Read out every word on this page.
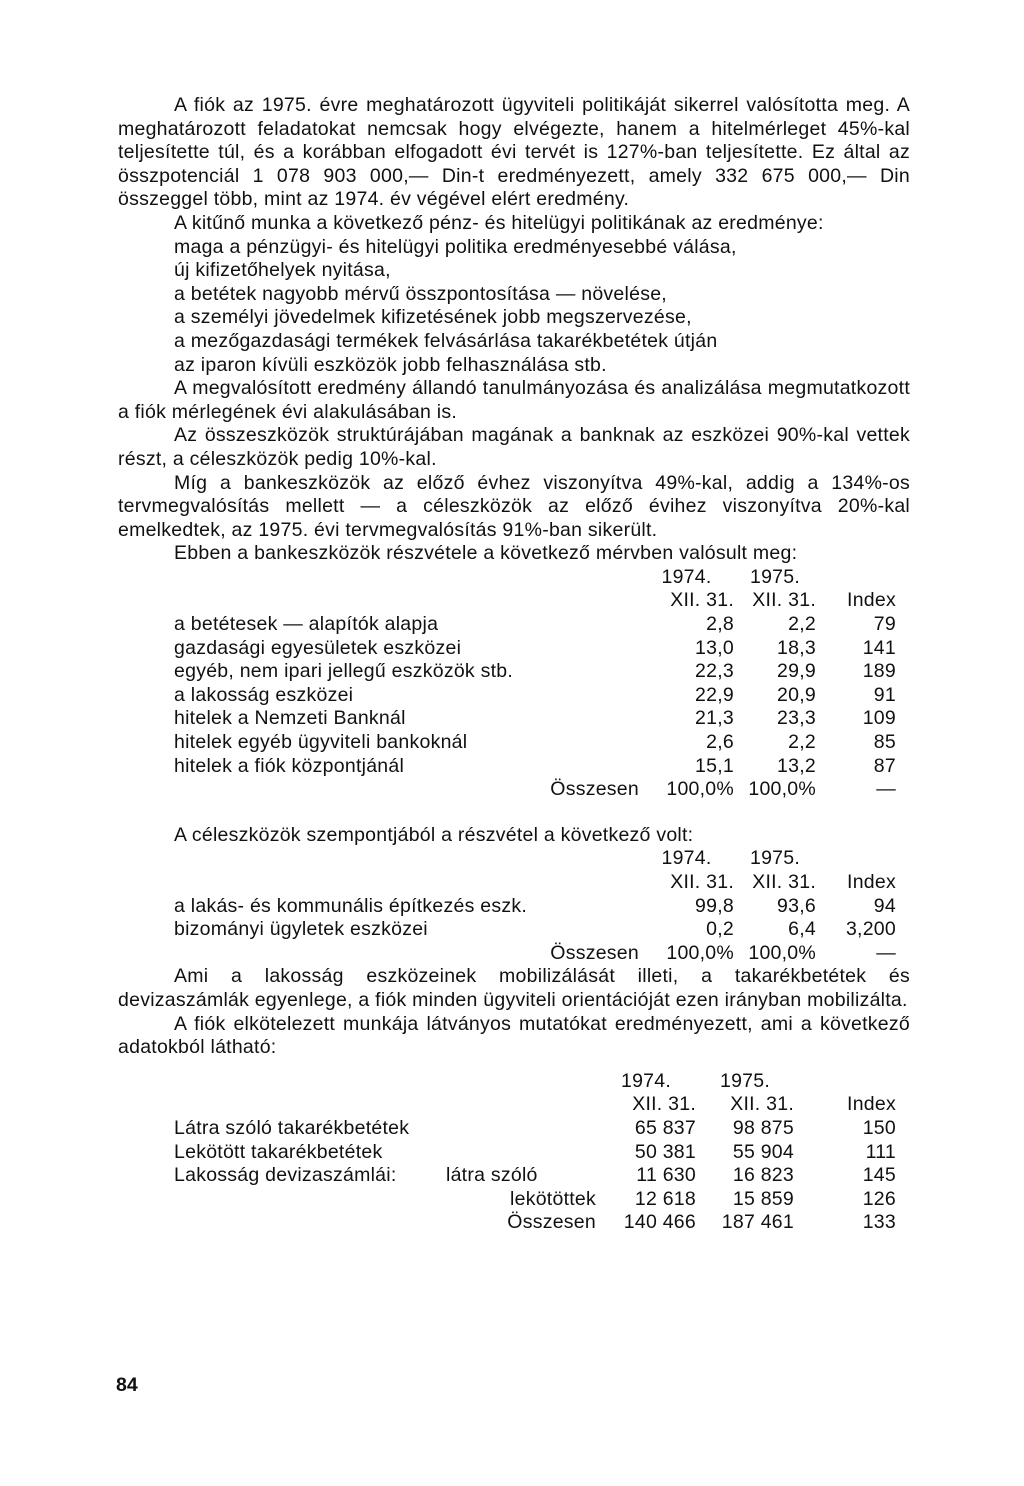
A fiók az 1975. évre meghatározott ügyviteli politikáját sikerrel valósította meg. A meghatározott feladatokat nemcsak hogy elvégezte, hanem a hitelmérleget 45%-kal teljesítette túl, és a korábban elfogadott évi tervét is 127%-ban teljesítette. Ez által az összpotenciál 1 078 903 000,— Din-t eredményezett, amely 332 675 000,— Din összeggel több, mint az 1974. év végével elért eredmény.

A kitűnő munka a következő pénz- és hitelügyi politikának az eredménye:

maga a pénzügyi- és hitelügyi politika eredményesebbé válása,
új kifizetőhelyek nyitása,
a betétek nagyobb mérvű összpontosítása — növelése,
a személyi jövedelmek kifizetésének jobb megszervezése,
a mezőgazdasági termékek felvásárlása takarékbetétek útján
az iparon kívüli eszközök jobb felhasználása stb.

A megvalósított eredmény állandó tanulmányozása és analizálása megmutatkozott a fiók mérlegének évi alakulásában is.

Az összeszközök struktúrájában magának a banknak az eszközei 90%-kal vettek részt, a céleszközök pedig 10%-kal.

Míg a bankeszközök az előző évhez viszonyítva 49%-kal, addig a 134%-os tervmegvalósítás mellett — a céleszközök az előző évihez viszonyítva 20%-kal emelkedtek, az 1975. évi tervmegvalósítás 91%-ban sikerült.

Ebben a bankeszközök részvétele a következő mérvben valósult meg:

	1974.	1975.	
	XII. 31.	XII. 31.	Index
a betétesek — alapítók alapja	2,8	2,2	79
gazdasági egyesületek eszközei	13,0	18,3	141
egyéb, nem ipari jellegű eszközök stb.	22,3	29,9	189
a lakosság eszközei	22,9	20,9	91
hitelek a Nemzeti Banknál	21,3	23,3	109
hitelek egyéb ügyviteli bankoknál	2,6	2,2	85
hitelek a fiók központjánál	15,1	13,2	87
Összesen	100,0%	100,0%	—

A céleszközök szempontjából a részvétel a következő volt:

	1974.	1975.	
	XII. 31.	XII. 31.	Index
a lakás- és kommunális építkezés eszk.	99,8	93,6	94
bizományi ügyletek eszközei	0,2	6,4	3,200
Összesen	100,0%	100,0%	—

Ami a lakosság eszközeinek mobilizálását illeti, a takarékbetétek és devizaszámlák egyenlege, a fiók minden ügyviteli orientációját ezen irányban mobilizálta.

A fiók elkötelezett munkája látványos mutatókat eredményezett, ami a következő adatokból látható:

		1974.	1975.	
		XII. 31.	XII. 31.	Index
Látra szóló takarékbetétek		65 837	98 875	150
Lekötött takarékbetétek		50 381	55 904	111
Lakosság devizaszámlái:	látra szóló	11 630	16 823	145
	lekötöttek	12 618	15 859	126
Összesen		140 466	187 461	133
84
